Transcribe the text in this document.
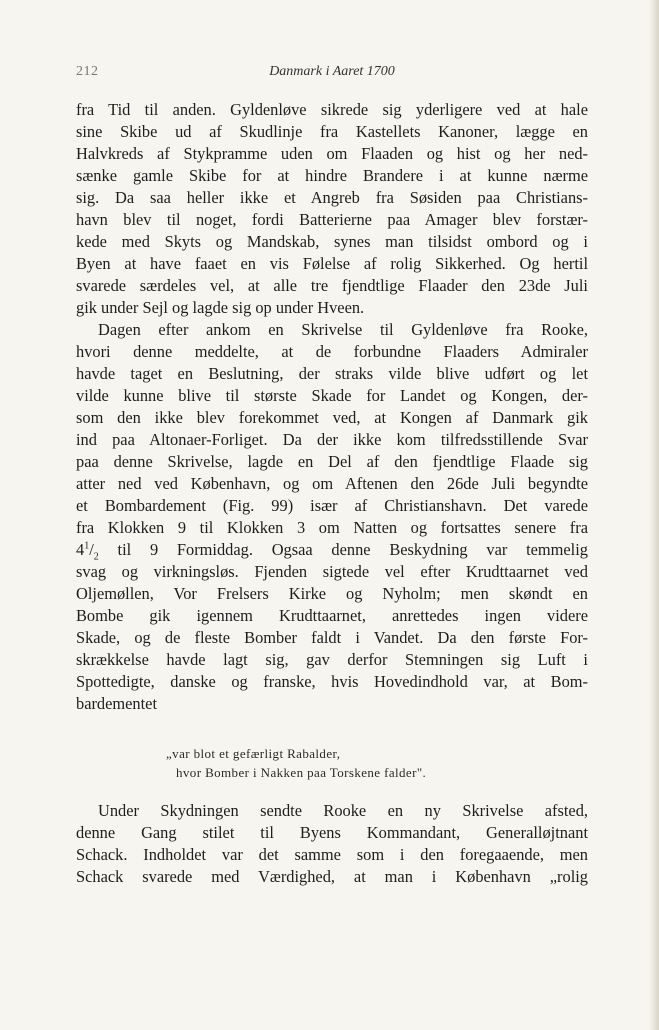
212	Danmark i Aaret 1700
fra Tid til anden. Gyldenløve sikrede sig yderligere ved at hale
sine Skibe ud af Skudlinje fra Kastellets Kanoner, lægge en
Halvkreds af Stykpramme uden om Flaaden og hist og her ned-
sænke gamle Skibe for at hindre Brandere i at kunne nærme
sig. Da saa heller ikke et Angreb fra Søsiden paa Christians-
havn blev til noget, fordi Batterierne paa Amager blev forstær-
kede med Skyts og Mandskab, synes man tilsidst ombord og i
Byen at have faaet en vis Følelse af rolig Sikkerhed. Og hertil
svarede særdeles vel, at alle tre fjendtlige Flaader den 23de Juli
gik under Sejl og lagde sig op under Hveen.
Dagen efter ankom en Skrivelse til Gyldenløve fra Rooke,
hvori denne meddelte, at de forbundne Flaaders Admiraler
havde taget en Beslutning, der straks vilde blive udført og let
vilde kunne blive til største Skade for Landet og Kongen, der-
som den ikke blev forekommet ved, at Kongen af Danmark gik
ind paa Altonaer-Forliget. Da der ikke kom tilfredsstillende Svar
paa denne Skrivelse, lagde en Del af den fjendtlige Flaade sig
atter ned ved København, og om Aftenen den 26de Juli begyndte
et Bombardement (Fig. 99) især af Christianshavn. Det varede
fra Klokken 9 til Klokken 3 om Natten og fortsattes senere fra
$4^1/_2$ til 9 Formiddag. Ogsaa denne Beskydning var temmelig
svag og virkningsløs. Fjenden sigtede vel efter Krudttaarnet ved
Oljemøllen, Vor Frelsers Kirke og Nyholm; men skøndt en
Bombe gik igennem Krudttaarnet, anrettedes ingen videre
Skade, og de fleste Bomber faldt i Vandet. Da den første For-
skrækkelse havde lagt sig, gav derfor Stemningen sig Luft i
Spottedigte, danske og franske, hvis Hovedindhold var, at Bom-
bardementet
„var blot et gefærligt Rabalder,
hvor Bomber i Nakken paa Torskene falder".
Under Skydningen sendte Rooke en ny Skrivelse afsted,
denne Gang stilet til Byens Kommandant, Generalløjtnant
Schack. Indholdet var det samme som i den foregaaende, men
Schack svarede med Værdighed, at man i København „rolig
